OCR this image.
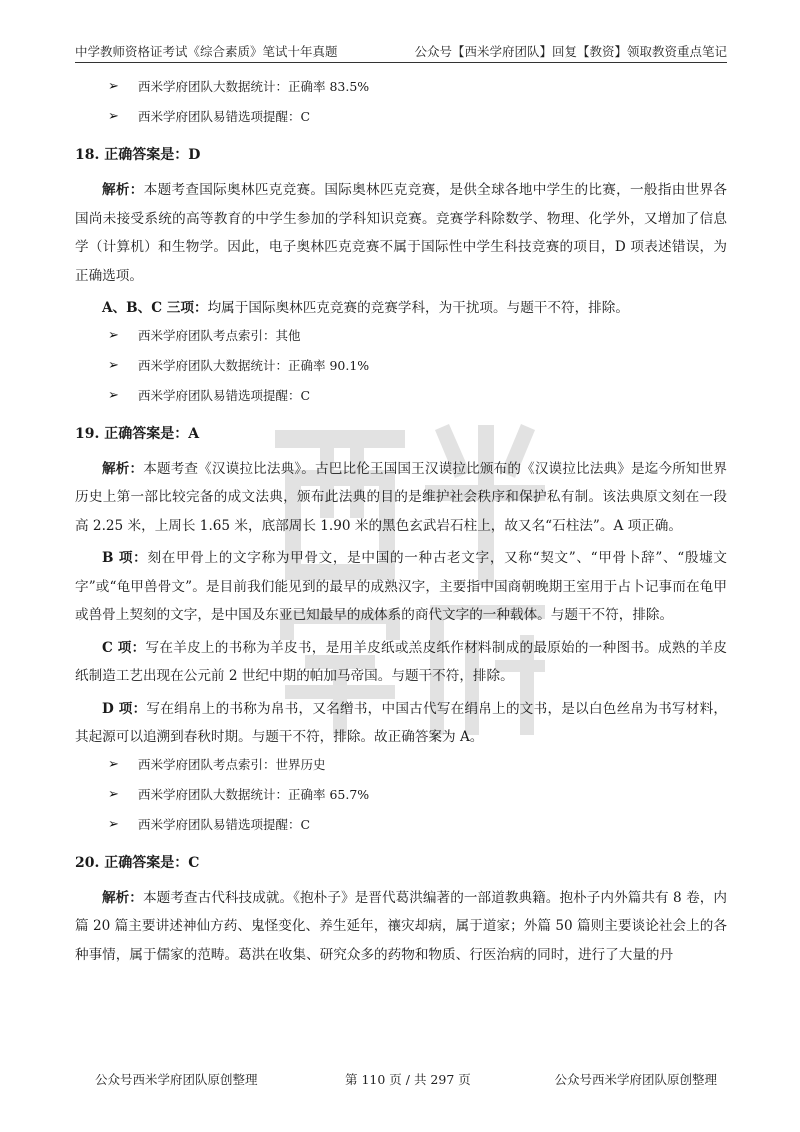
中学教师资格证考试《综合素质》笔试十年真题	公众号【西米学府团队】回复【教资】领取教资重点笔记
➢	西米学府团队大数据统计：正确率 83.5%
➢	西米学府团队易错选项提醒：C
18. 正确答案是：D

解析：本题考查国际奥林匹克竞赛。国际奥林匹克竞赛，是供全球各地中学生的比赛，一般指由世界各国尚未接受系统的高等教育的中学生参加的学科知识竞赛。竞赛学科除数学、物理、化学外，又增加了信息学（计算机）和生物学。因此，电子奥林匹克竞赛不属于国际性中学生科技竞赛的项目，D 项表述错误，为正确选项。

A、B、C 三项：均属于国际奥林匹克竞赛的竞赛学科，为干扰项。与题干不符，排除。

➢	西米学府团队考点索引：其他
➢	西米学府团队大数据统计：正确率 90.1%
➢	西米学府团队易错选项提醒：C
19. 正确答案是：A

解析：本题考查《汉谟拉比法典》。古巴比伦王国国王汉谟拉比颁布的《汉谟拉比法典》是迄今所知世界历史上第一部比较完备的成文法典，颁布此法典的目的是维护社会秩序和保护私有制。该法典原文刻在一段高 2.25 米，上周长 1.65 米，底部周长 1.90 米的黑色玄武岩石柱上，故又名“石柱法”。A 项正确。

B 项：刻在甲骨上的文字称为甲骨文，是中国的一种古老文字，又称“契文”、“甲骨卜辞”、“殷墟文字”或“龟甲兽骨文”。是目前我们能见到的最早的成熟汉字，主要指中国商朝晚期王室用于占卜记事而在龟甲或兽骨上契刻的文字，是中国及东亚已知最早的成体系的商代文字的一种载体。与题干不符，排除。

C 项：写在羊皮上的书称为羊皮书，是用羊皮纸或羔皮纸作材料制成的最原始的一种图书。成熟的羊皮纸制造工艺出现在公元前 2 世纪中期的帕加马帝国。与题干不符，排除。

D 项：写在绢帛上的书称为帛书，又名缯书，中国古代写在绢帛上的文书，是以白色丝帛为书写材料，其起源可以追溯到春秋时期。与题干不符，排除。故正确答案为 A。

➢	西米学府团队考点索引：世界历史
➢	西米学府团队大数据统计：正确率 65.7%
➢	西米学府团队易错选项提醒：C
20. 正确答案是：C

解析：本题考查古代科技成就。《抱朴子》是晋代葛洪编著的一部道教典籍。抱朴子内外篇共有 8 卷，内篇 20 篇主要讲述神仙方药、鬼怪变化、养生延年，禳灾却病，属于道家；外篇 50 篇则主要谈论社会上的各种事情，属于儒家的范畴。葛洪在收集、研究众多的药物和物质、行医治病的同时，进行了大量的丹

公众号西米学府团队原创整理	第 110 页 / 共 297 页	公众号西米学府团队原创整理
